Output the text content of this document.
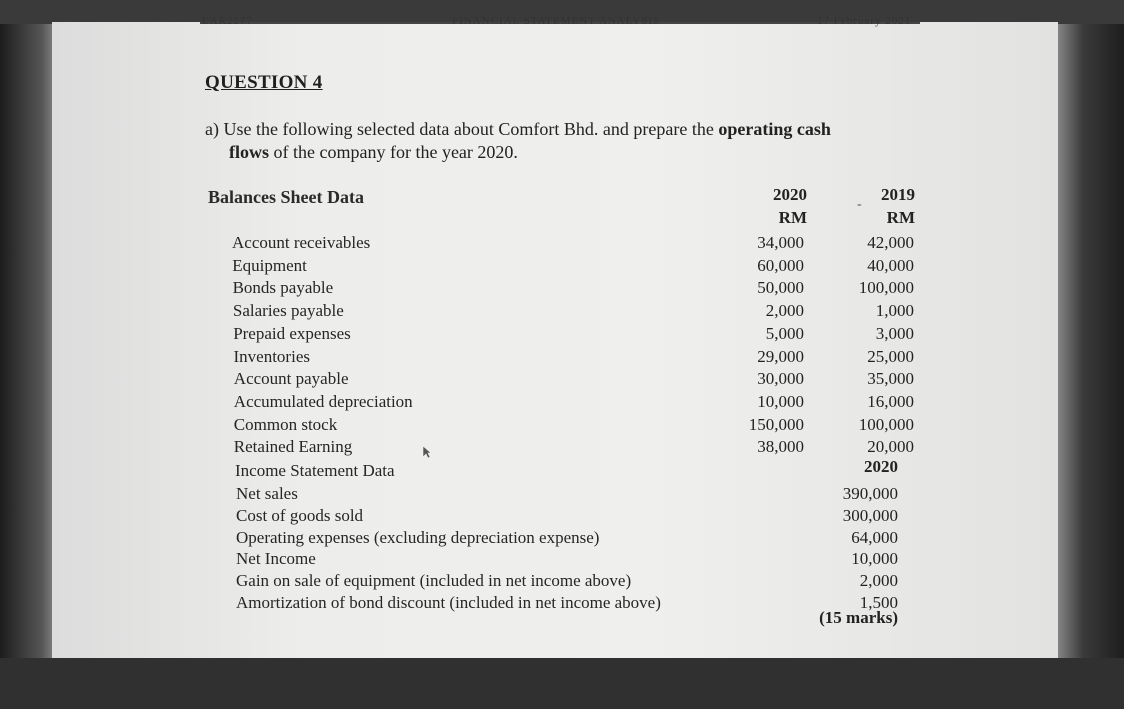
EAR2277	FINANCIAL STATEMENT ANALYSIS	17 February 2021
QUESTION 4
a) Use the following selected data about Comfort Bhd. and prepare the operating cash
flows of the company for the year 2020.
Balances Sheet Data	2020	2019
-
RM	RM
Account receivables	34,000	42,000
Equipment	60,000	40,000
Bonds payable	50,000	100,000
Salaries payable	2,000	1,000
Prepaid expenses	5,000	3,000
Inventories	29,000	25,000
Account payable	30,000	35,000
Accumulated depreciation	10,000	16,000
Common stock	150,000	100,000
Retained Earning	38,000	20,000
Income Statement Data	2020
Net sales	390,000
Cost of goods sold	300,000
Operating expenses (excluding depreciation expense)	64,000
Net Income	10,000
Gain on sale of equipment (included in net income above)	2,000
Amortization of bond discount (included in net income above)	1,500
(15 marks)
